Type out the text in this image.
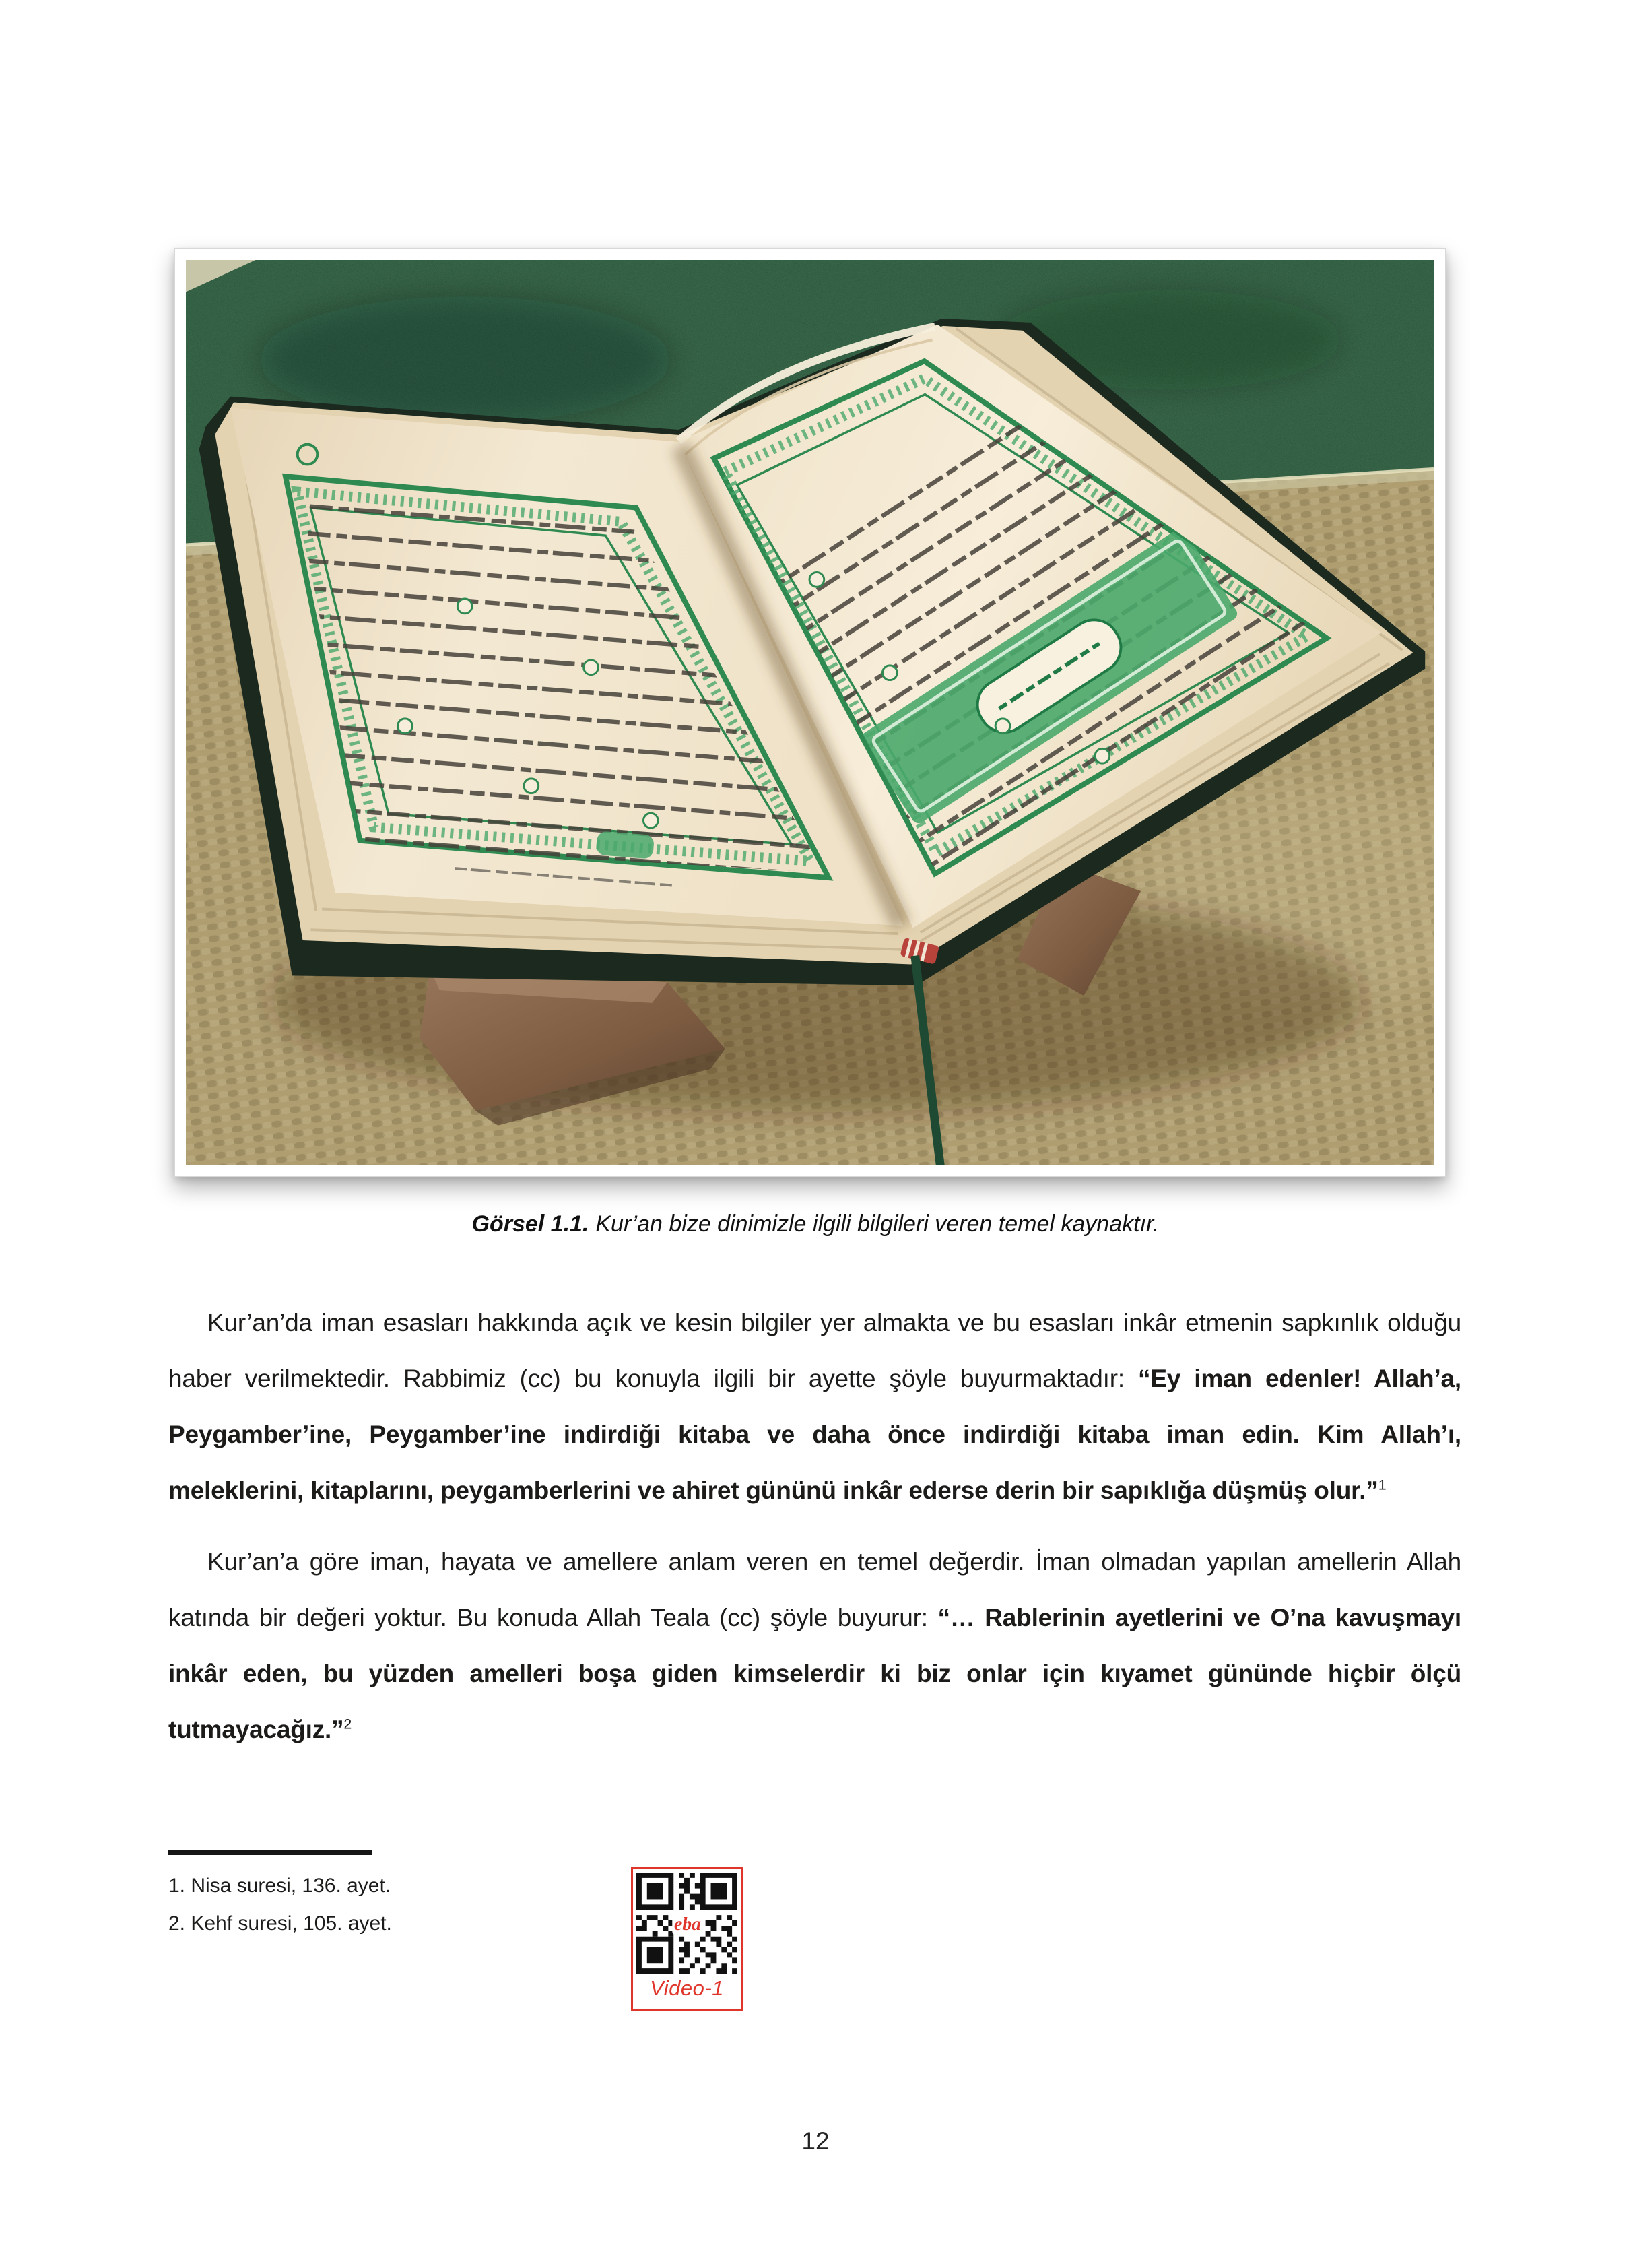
Görsel 1.1. Kur’an bize dinimizle ilgili bilgileri veren temel kaynaktır.

Kur’an’da iman esasları hakkında açık ve kesin bilgiler yer almakta ve bu esasları inkâr etmenin sapkınlık olduğu haber verilmektedir. Rabbimiz (cc) bu konuyla ilgili bir ayette şöyle buyurmaktadır: “Ey iman edenler! Allah’a, Peygamber’ine, Peygamber’ine indirdiği kitaba ve daha önce indirdiği kitaba iman edin. Kim Allah’ı, meleklerini, kitaplarını, peygamberlerini ve ahiret gününü inkâr ederse derin bir sapıklığa düşmüş olur.”$^1$

Kur’an’a göre iman, hayata ve amellere anlam veren en temel değerdir. İman olmadan yapılan amellerin Allah katında bir değeri yoktur. Bu konuda Allah Teala (cc) şöyle buyurur: “… Rablerinin ayetlerini ve O’na kavuşmayı inkâr eden, bu yüzden amelleri boşa giden kimselerdir ki biz onlar için kıyamet gününde hiçbir ölçü tutmayacağız.”$^2$

1. Nisa suresi, 136. ayet.
2. Kehf suresi, 105. ayet.	eba
Video-1
12
